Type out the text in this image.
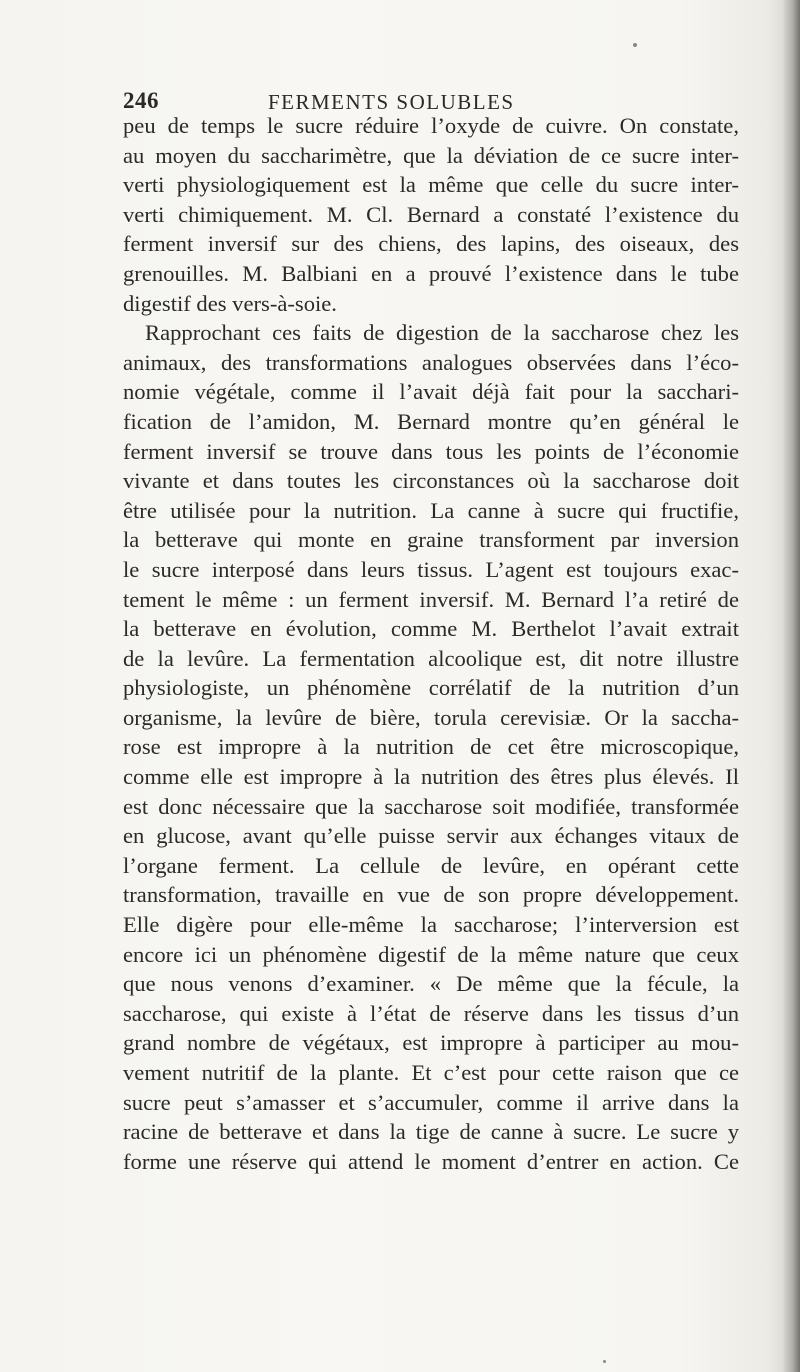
246	FERMENTS SOLUBLES
peu de temps le sucre réduire l’oxyde de cuivre. On constate,
au moyen du saccharimètre, que la déviation de ce sucre inter-
verti physiologiquement est la même que celle du sucre inter-
verti chimiquement. M. Cl. Bernard a constaté l’existence du
ferment inversif sur des chiens, des lapins, des oiseaux, des
grenouilles. M. Balbiani en a prouvé l’existence dans le tube
digestif des vers-à-soie.
Rapprochant ces faits de digestion de la saccharose chez les
animaux, des transformations analogues observées dans l’éco-
nomie végétale, comme il l’avait déjà fait pour la sacchari-
fication de l’amidon, M. Bernard montre qu’en général le
ferment inversif se trouve dans tous les points de l’économie
vivante et dans toutes les circonstances où la saccharose doit
être utilisée pour la nutrition. La canne à sucre qui fructifie,
la betterave qui monte en graine transforment par inversion
le sucre interposé dans leurs tissus. L’agent est toujours exac-
tement le même : un ferment inversif. M. Bernard l’a retiré de
la betterave en évolution, comme M. Berthelot l’avait extrait
de la levûre. La fermentation alcoolique est, dit notre illustre
physiologiste, un phénomène corrélatif de la nutrition d’un
organisme, la levûre de bière, torula cerevisiæ. Or la saccha-
rose est impropre à la nutrition de cet être microscopique,
comme elle est impropre à la nutrition des êtres plus élevés. Il
est donc nécessaire que la saccharose soit modifiée, transformée
en glucose, avant qu’elle puisse servir aux échanges vitaux de
l’organe ferment. La cellule de levûre, en opérant cette
transformation, travaille en vue de son propre développement.
Elle digère pour elle-même la saccharose; l’interversion est
encore ici un phénomène digestif de la même nature que ceux
que nous venons d’examiner. « De même que la fécule, la
saccharose, qui existe à l’état de réserve dans les tissus d’un
grand nombre de végétaux, est impropre à participer au mou-
vement nutritif de la plante. Et c’est pour cette raison que ce
sucre peut s’amasser et s’accumuler, comme il arrive dans la
racine de betterave et dans la tige de canne à sucre. Le sucre y
forme une réserve qui attend le moment d’entrer en action. Ce
